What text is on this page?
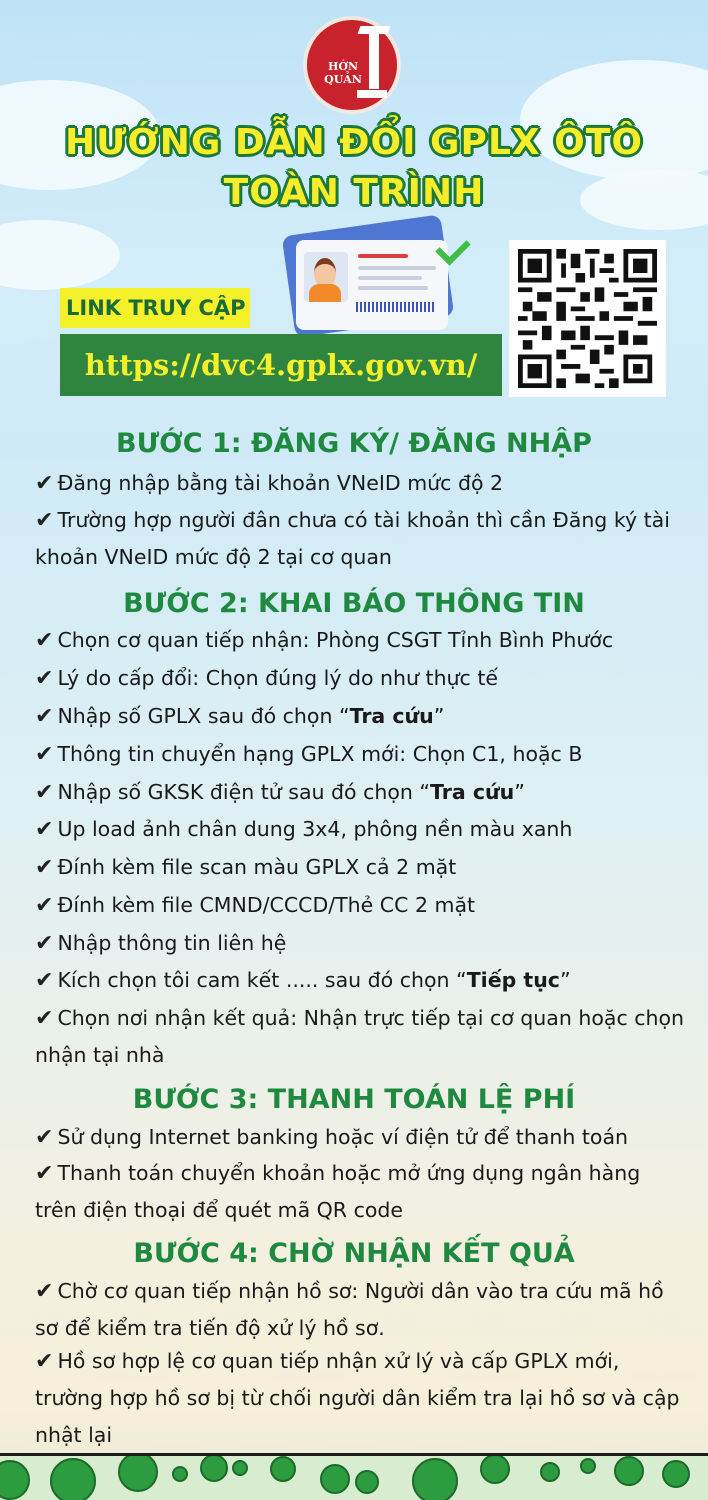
HỚN QUẢN
HƯỚNG DẪN ĐỔI GPLX ÔTÔ
TOÀN TRÌNH
LINK TRUY CẬP
https://dvc4.gplx.gov.vn/
BƯỚC 1: ĐĂNG KÝ/ ĐĂNG NHẬP
✔ Đăng nhập bằng tài khoản VNeID mức độ 2
✔ Trường hợp người đân chưa có tài khoản thì cần Đăng ký tài khoản VNeID mức độ 2 tại cơ quan
BƯỚC 2: KHAI BÁO THÔNG TIN
✔ Chọn cơ quan tiếp nhận: Phòng CSGT Tỉnh Bình Phước
✔ Lý do cấp đổi: Chọn đúng lý do như thực tế
✔ Nhập số GPLX sau đó chọn “Tra cứu”
✔ Thông tin chuyển hạng GPLX mới: Chọn C1, hoặc B
✔ Nhập số GKSK điện tử sau đó chọn “Tra cứu”
✔ Up load ảnh chân dung 3x4, phông nền màu xanh
✔ Đính kèm file scan màu GPLX cả 2 mặt
✔ Đính kèm file CMND/CCCD/Thẻ CC 2 mặt
✔ Nhập thông tin liên hệ
✔ Kích chọn tôi cam kết ..... sau đó chọn “Tiếp tục”
✔ Chọn nơi nhận kết quả: Nhận trực tiếp tại cơ quan hoặc chọn nhận tại nhà
BƯỚC 3: THANH TOÁN LỆ PHÍ
✔ Sử dụng Internet banking hoặc ví điện tử để thanh toán
✔ Thanh toán chuyển khoản hoặc mở ứng dụng ngân hàng trên điện thoại để quét mã QR code
BƯỚC 4: CHỜ NHẬN KẾT QUẢ
✔ Chờ cơ quan tiếp nhận hồ sơ: Người dân vào tra cứu mã hồ sơ để kiểm tra tiến độ xử lý hồ sơ.
✔ Hồ sơ hợp lệ cơ quan tiếp nhận xử lý và cấp GPLX mới, trường hợp hồ sơ bị từ chối người dân kiểm tra lại hồ sơ và cập nhật lại
